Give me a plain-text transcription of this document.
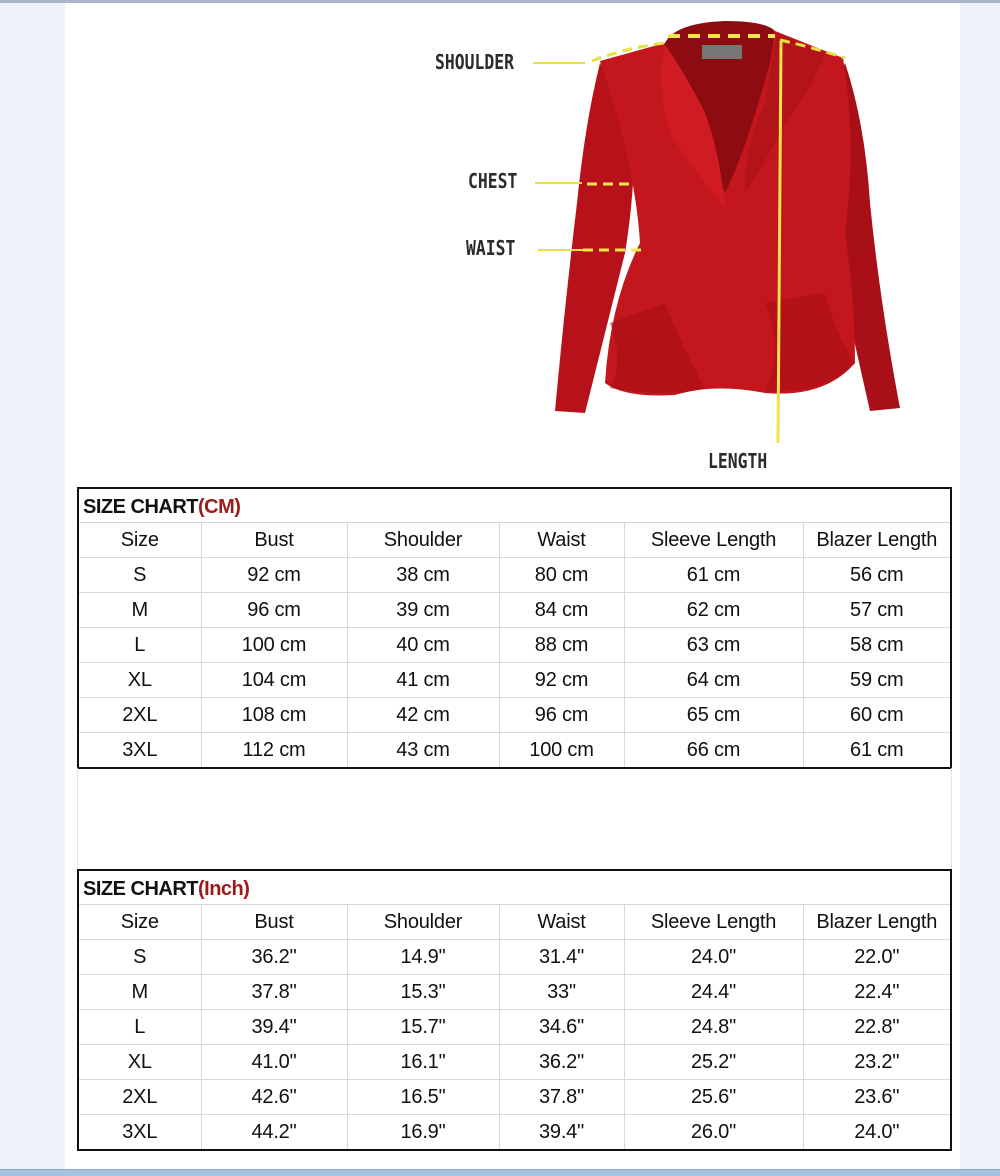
SHOULDER
CHEST
WAIST
LENGTH
SIZE CHART(CM)
Size	Bust	Shoulder	Waist	Sleeve Length	Blazer Length
S	92 cm	38 cm	80 cm	61 cm	56 cm
M	96 cm	39 cm	84 cm	62 cm	57 cm
L	100 cm	40 cm	88 cm	63 cm	58 cm
XL	104 cm	41 cm	92 cm	64 cm	59 cm
2XL	108 cm	42 cm	96 cm	65 cm	60 cm
3XL	112 cm	43 cm	100 cm	66 cm	61 cm
SIZE CHART(Inch)
Size	Bust	Shoulder	Waist	Sleeve Length	Blazer Length
S	36.2"	14.9"	31.4"	24.0"	22.0"
M	37.8"	15.3"	33"	24.4"	22.4"
L	39.4"	15.7"	34.6"	24.8"	22.8"
XL	41.0"	16.1"	36.2"	25.2"	23.2"
2XL	42.6"	16.5"	37.8"	25.6"	23.6"
3XL	44.2"	16.9"	39.4"	26.0"	24.0"
